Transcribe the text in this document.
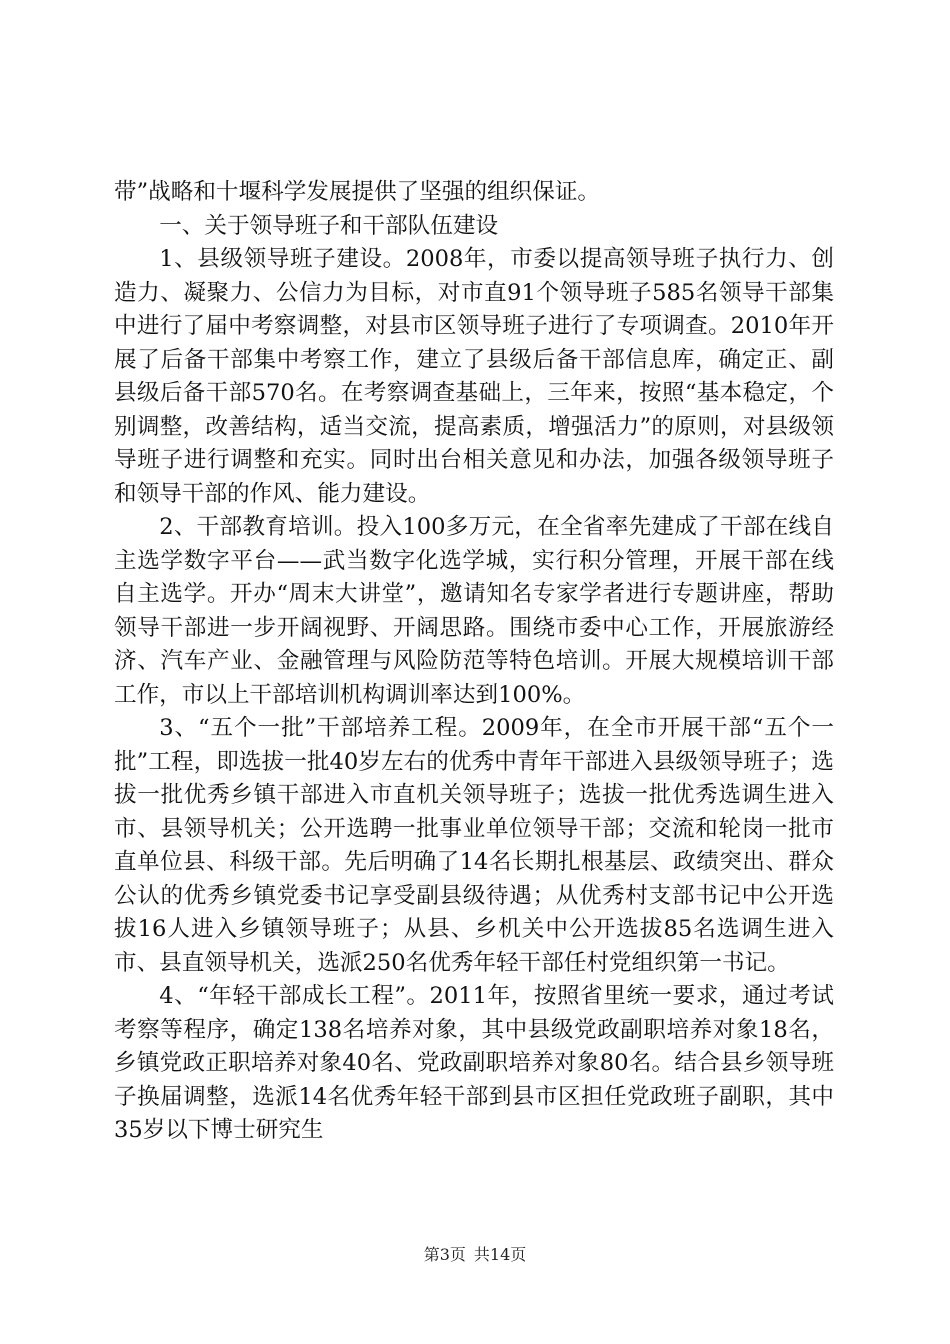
带”战略和十堰科学发展提供了坚强的组织保证。

一、关于领导班子和干部队伍建设

1、县级领导班子建设。2008年，市委以提高领导班子执行力、创造力、凝聚力、公信力为目标，对市直91个领导班子585名领导干部集中进行了届中考察调整，对县市区领导班子进行了专项调查。2010年开展了后备干部集中考察工作，建立了县级后备干部信息库，确定正、副县级后备干部570名。在考察调查基础上，三年来，按照“基本稳定，个别调整，改善结构，适当交流，提高素质，增强活力”的原则，对县级领导班子进行调整和充实。同时出台相关意见和办法，加强各级领导班子和领导干部的作风、能力建设。

2、干部教育培训。投入100多万元，在全省率先建成了干部在线自主选学数字平台——武当数字化选学城，实行积分管理，开展干部在线自主选学。开办“周末大讲堂”，邀请知名专家学者进行专题讲座，帮助领导干部进一步开阔视野、开阔思路。围绕市委中心工作，开展旅游经济、汽车产业、金融管理与风险防范等特色培训。开展大规模培训干部工作，市以上干部培训机构调训率达到100%。

3、“五个一批”干部培养工程。2009年，在全市开展干部“五个一批”工程，即选拔一批40岁左右的优秀中青年干部进入县级领导班子；选拔一批优秀乡镇干部进入市直机关领导班子；选拔一批优秀选调生进入市、县领导机关；公开选聘一批事业单位领导干部；交流和轮岗一批市直单位县、科级干部。先后明确了14名长期扎根基层、政绩突出、群众公认的优秀乡镇党委书记享受副县级待遇；从优秀村支部书记中公开选拔16人进入乡镇领导班子；从县、乡机关中公开选拔85名选调生进入市、县直领导机关，选派250名优秀年轻干部任村党组织第一书记。

4、“年轻干部成长工程”。2011年，按照省里统一要求，通过考试考察等程序，确定138名培养对象，其中县级党政副职培养对象18名，乡镇党政正职培养对象40名、党政副职培养对象80名。结合县乡领导班子换届调整，选派14名优秀年轻干部到县市区担任党政班子副职，其中35岁以下博士研究生

第3页 共14页
